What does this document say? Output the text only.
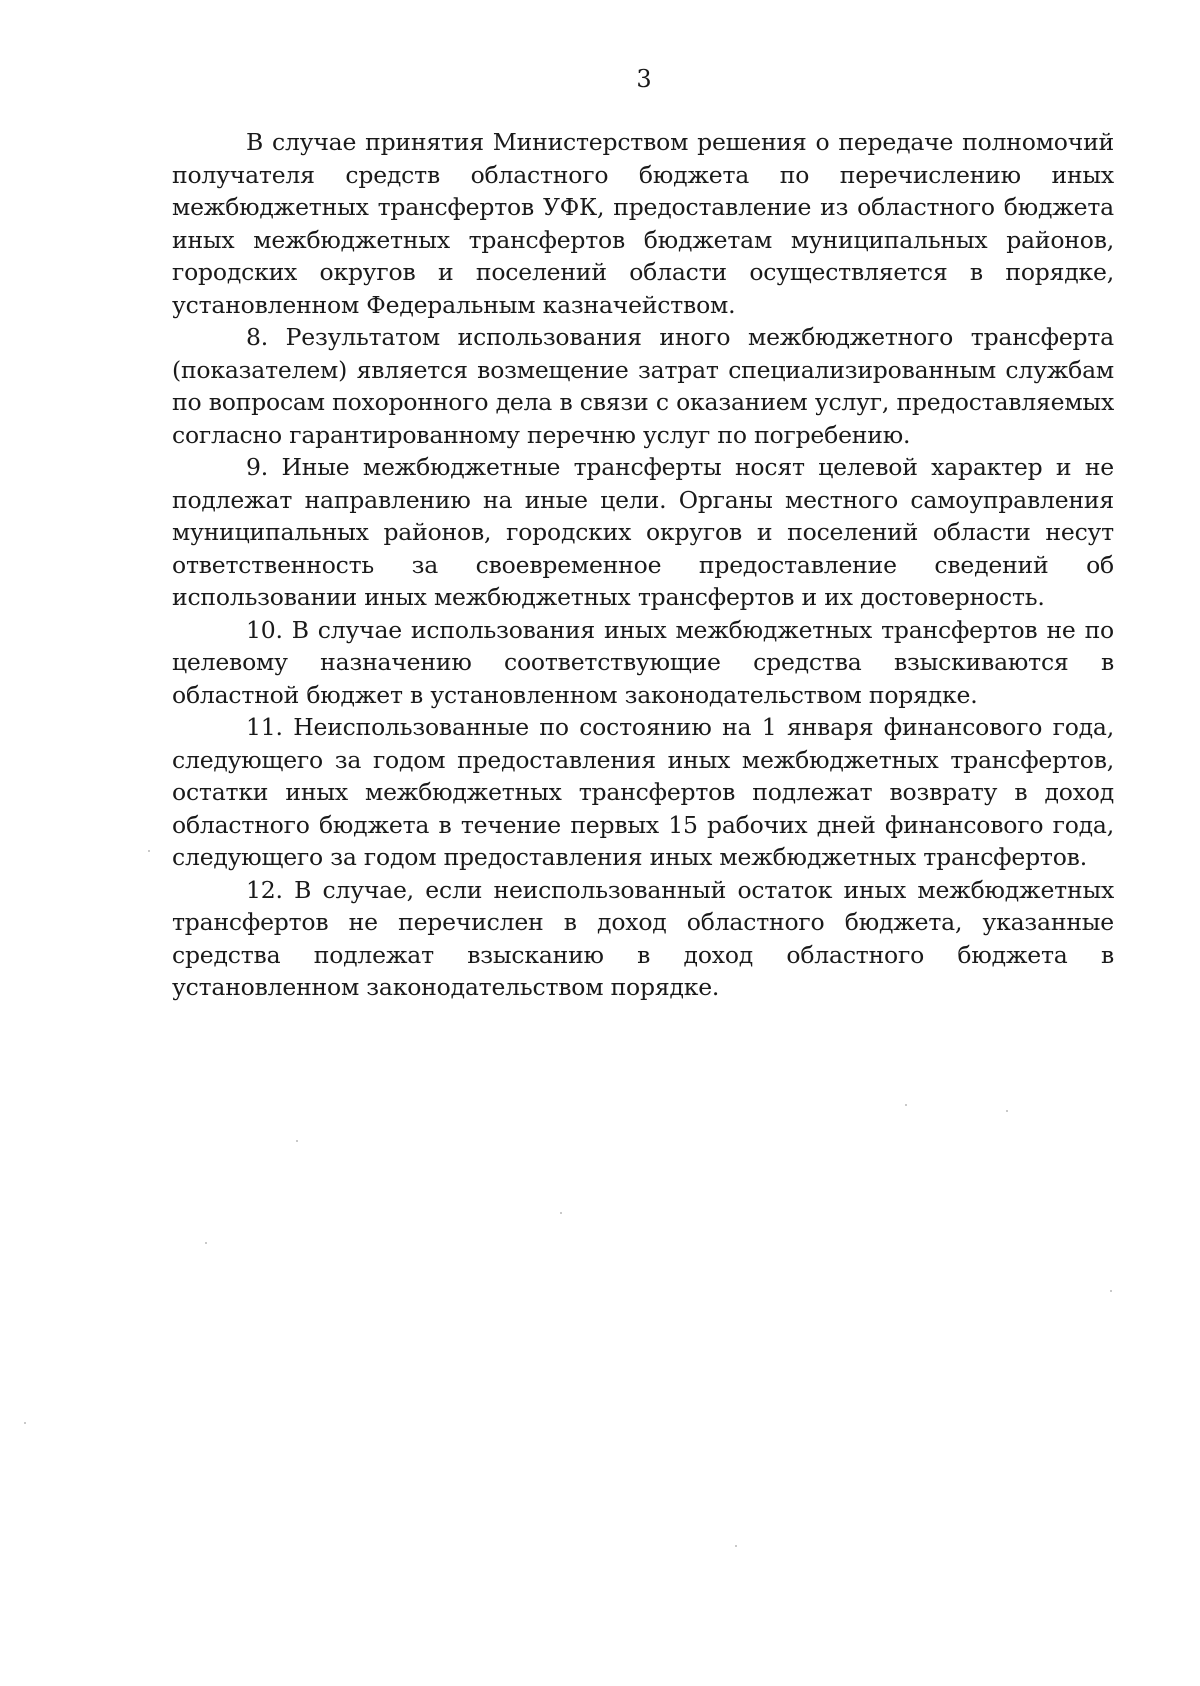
3

В случае принятия Министерством решения о передаче полномочий получателя средств областного бюджета по перечислению иных межбюджетных трансфертов УФК, предоставление из областного бюджета иных межбюджетных трансфертов бюджетам муниципальных районов, городских округов и поселений области осуществляется в порядке, установленном Федеральным казначейством.

8. Результатом использования иного межбюджетного трансферта (показателем) является возмещение затрат специализированным службам по вопросам похоронного дела в связи с оказанием услуг, предоставляемых согласно гарантированному перечню услуг по погребению.

9. Иные межбюджетные трансферты носят целевой характер и не подлежат направлению на иные цели. Органы местного самоуправления муниципальных районов, городских округов и поселений области несут ответственность за своевременное предоставление сведений об использовании иных межбюджетных трансфертов и их достоверность.

10. В случае использования иных межбюджетных трансфертов не по целевому назначению соответствующие средства взыскиваются в областной бюджет в установленном законодательством порядке.

11. Неиспользованные по состоянию на 1 января финансового года, следующего за годом предоставления иных межбюджетных трансфертов, остатки иных межбюджетных трансфертов подлежат возврату в доход областного бюджета в течение первых 15 рабочих дней финансового года, следующего за годом предоставления иных межбюджетных трансфертов.

12. В случае, если неиспользованный остаток иных межбюджетных трансфертов не перечислен в доход областного бюджета, указанные средства подлежат взысканию в доход областного бюджета в установленном законодательством порядке.
